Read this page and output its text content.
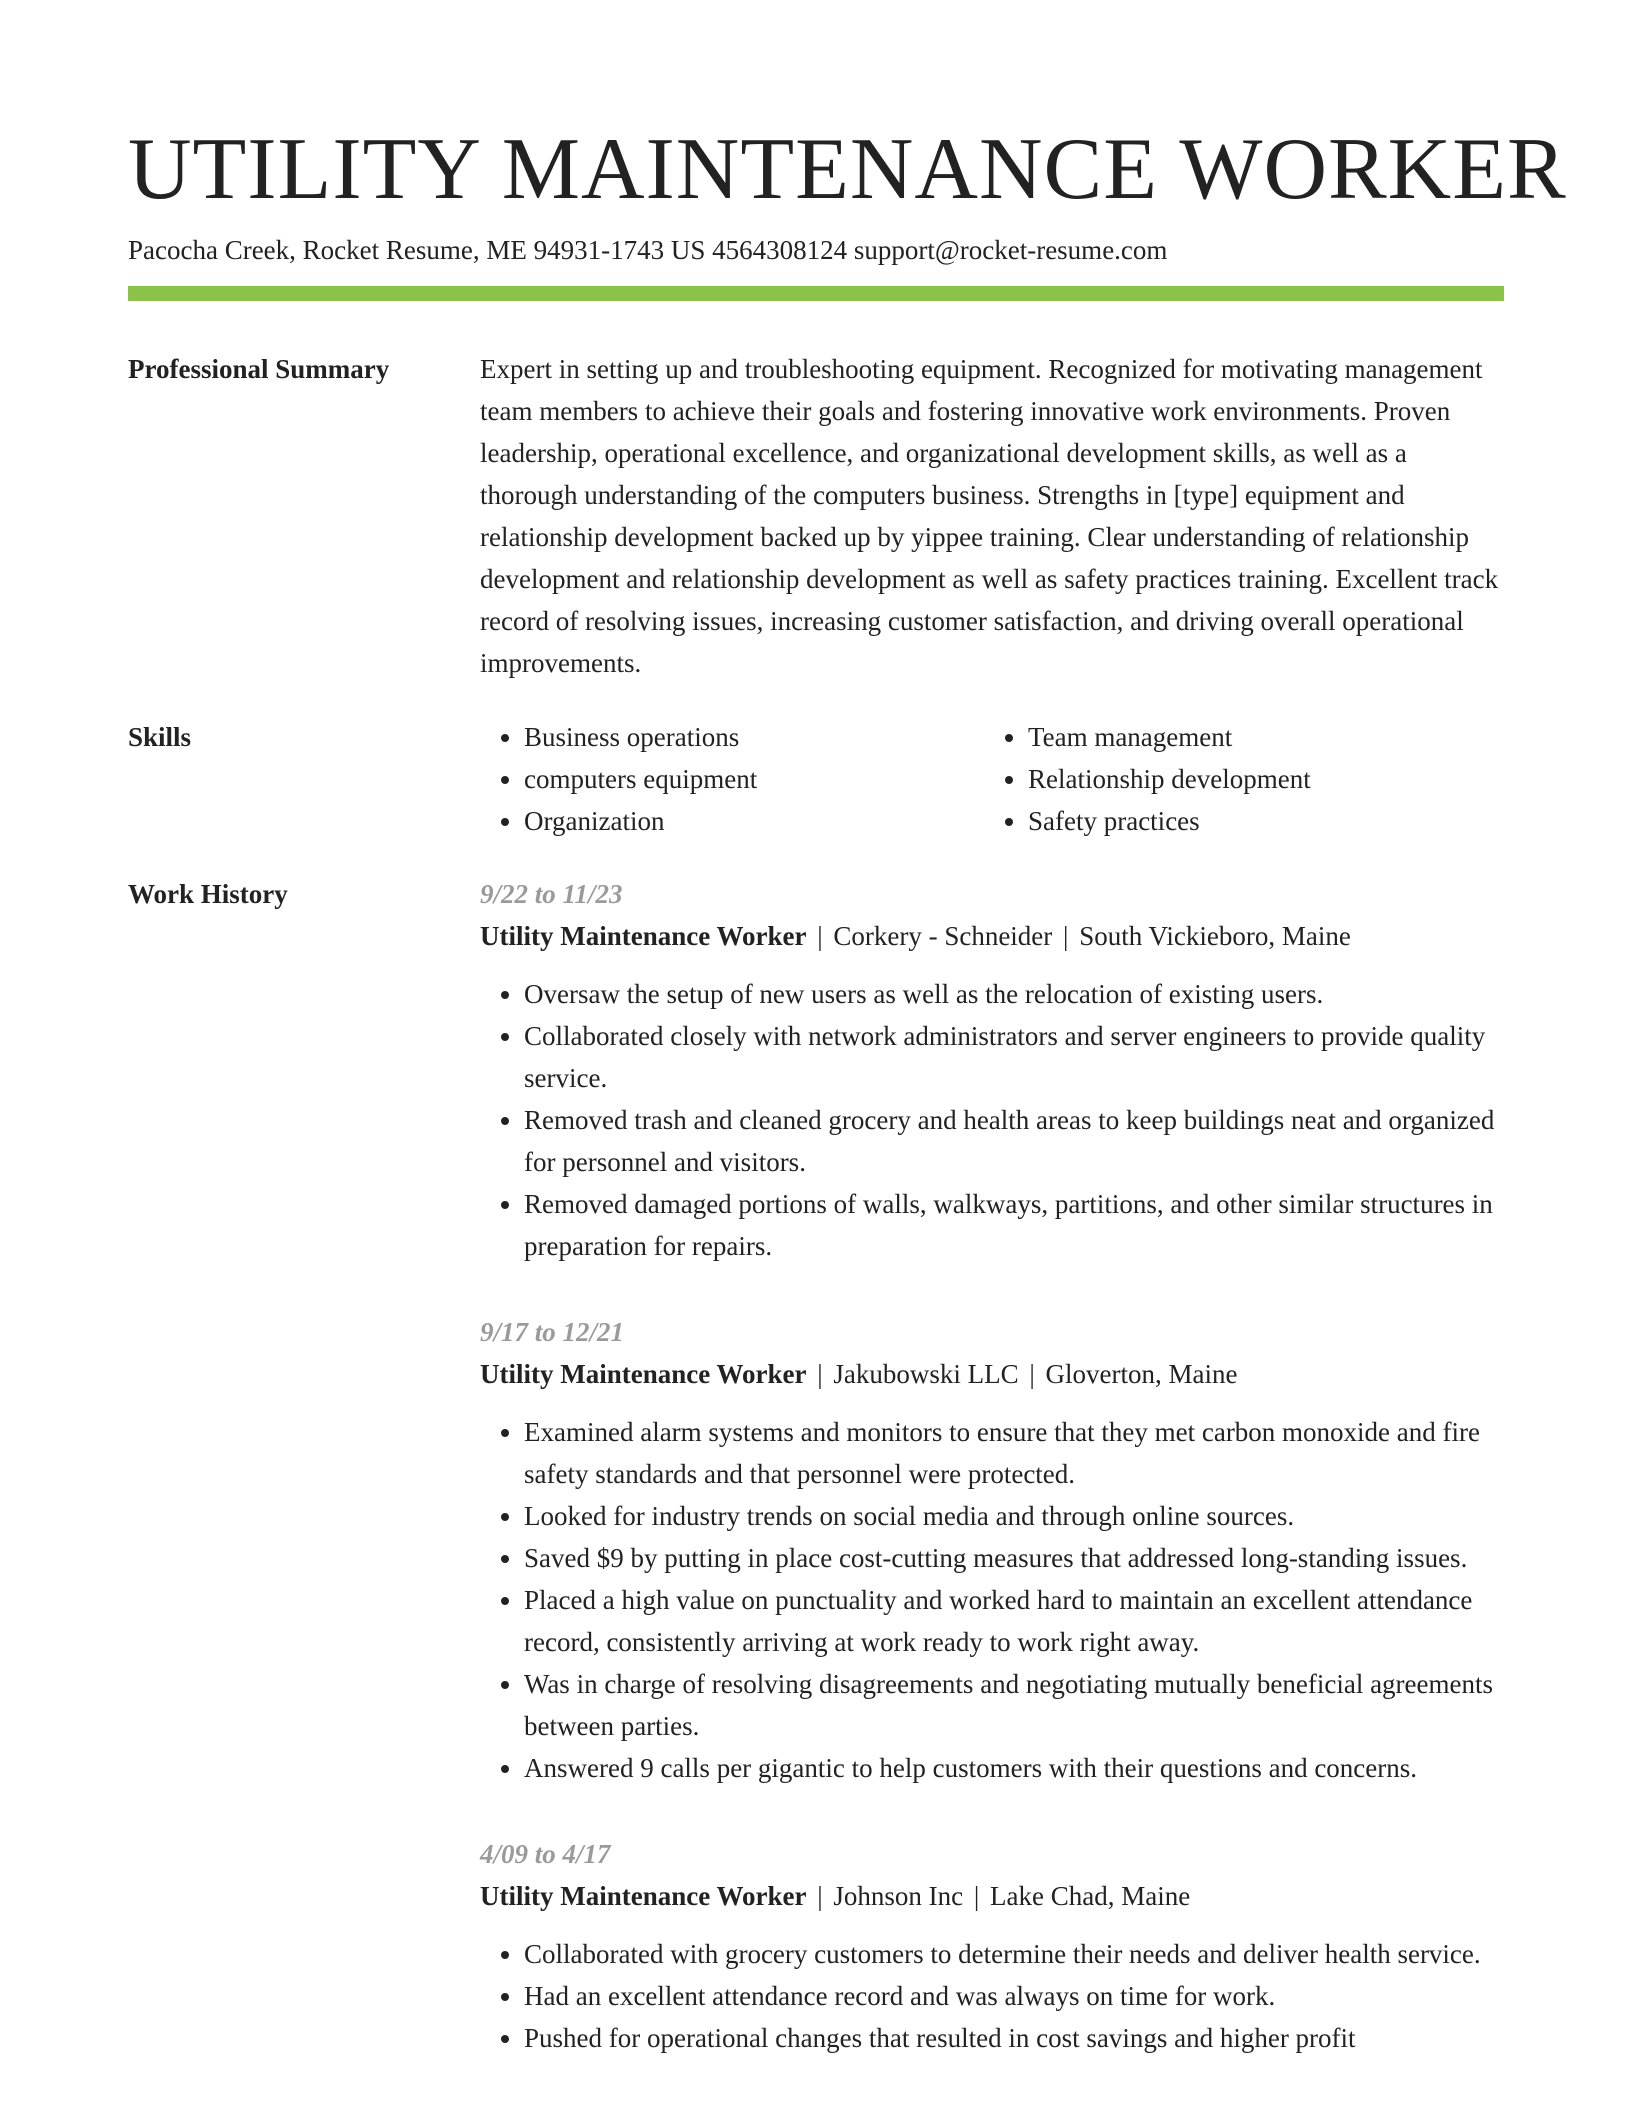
UTILITY MAINTENANCE WORKER
Pacocha Creek, Rocket Resume, ME 94931-1743 US 4564308124 support@rocket-resume.com
Professional Summary	Expert in setting up and troubleshooting equipment. Recognized for motivating management team members to achieve their goals and fostering innovative work environments. Proven leadership, operational excellence, and organizational development skills, as well as a thorough understanding of the computers business. Strengths in [type] equipment and relationship development backed up by yippee training. Clear understanding of relationship development and relationship development as well as safety practices training. Excellent track record of resolving issues, increasing customer satisfaction, and driving overall operational improvements.

Skills
•	Business operations
• computers equipment
• Organization
• Team management
• Relationship development
• Safety practices
Work History	9/22 to 11/23
Utility Maintenance Worker | Corkery - Schneider | South Vickieboro, Maine
• Oversaw the setup of new users as well as the relocation of existing users.
• Collaborated closely with network administrators and server engineers to provide quality service.
• Removed trash and cleaned grocery and health areas to keep buildings neat and organized for personnel and visitors.
• Removed damaged portions of walls, walkways, partitions, and other similar structures in preparation for repairs.
9/17 to 12/21
Utility Maintenance Worker | Jakubowski LLC | Gloverton, Maine
• Examined alarm systems and monitors to ensure that they met carbon monoxide and fire safety standards and that personnel were protected.
• Looked for industry trends on social media and through online sources.
• Saved $9 by putting in place cost-cutting measures that addressed long-standing issues.
• Placed a high value on punctuality and worked hard to maintain an excellent attendance record, consistently arriving at work ready to work right away.
• Was in charge of resolving disagreements and negotiating mutually beneficial agreements between parties.
• Answered 9 calls per gigantic to help customers with their questions and concerns.
4/09 to 4/17
Utility Maintenance Worker | Johnson Inc | Lake Chad, Maine
• Collaborated with grocery customers to determine their needs and deliver health service.
• Had an excellent attendance record and was always on time for work.
• Pushed for operational changes that resulted in cost savings and higher profit
